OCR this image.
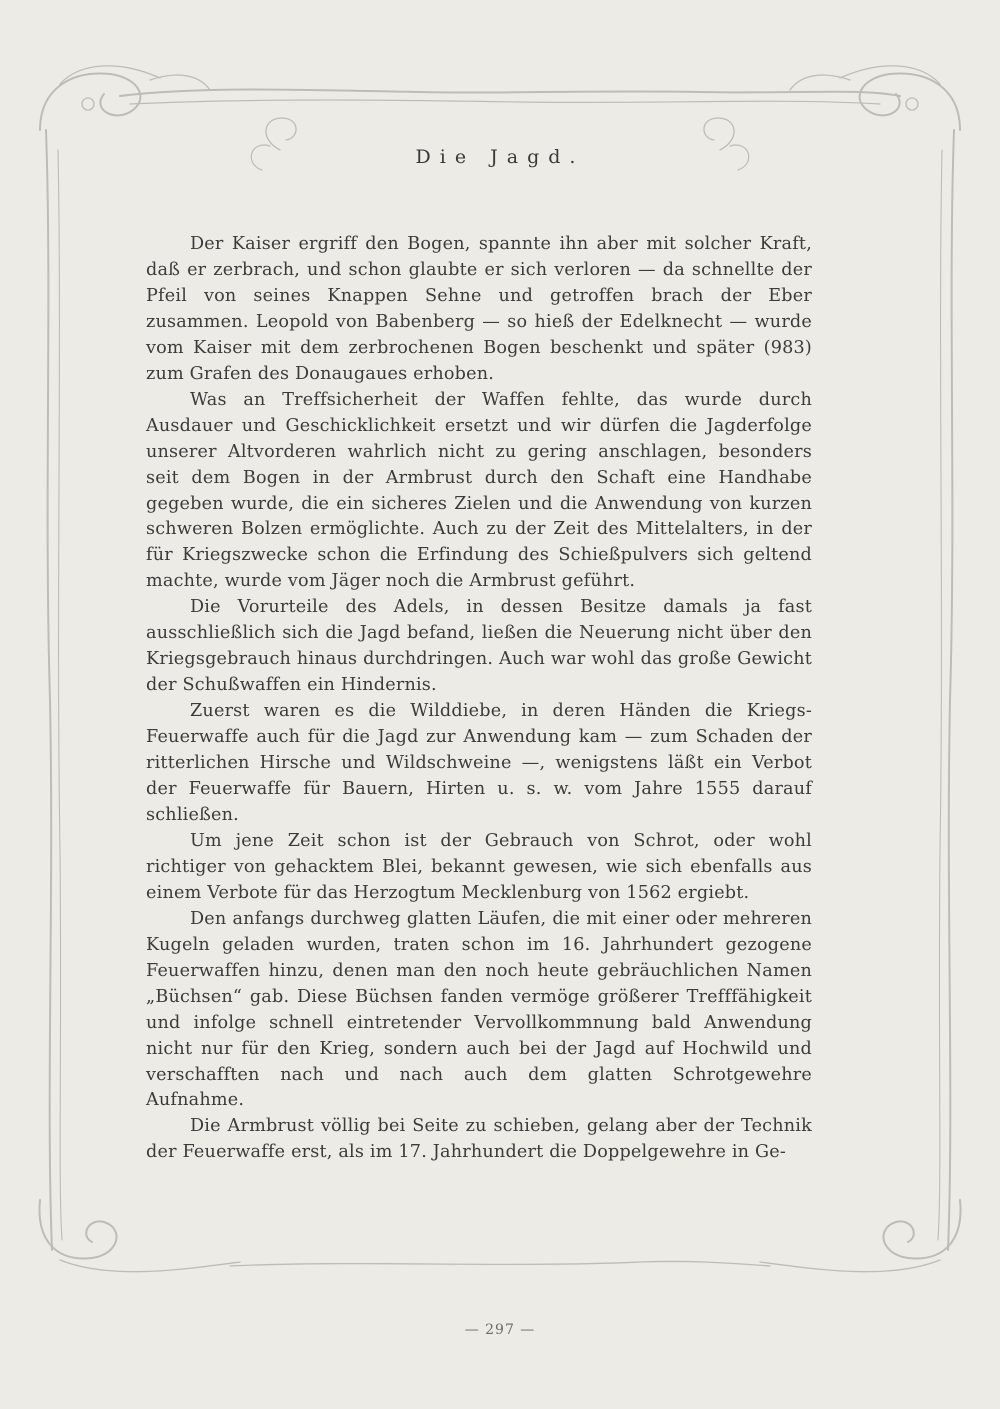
Die Jagd.

Der Kaiser ergriff den Bogen, spannte ihn aber mit solcher Kraft, daß er zerbrach, und schon glaubte er sich verloren — da schnellte der Pfeil von seines Knappen Sehne und getroffen brach der Eber zusammen. Leopold von Babenberg — so hieß der Edelknecht — wurde vom Kaiser mit dem zerbrochenen Bogen beschenkt und später (983) zum Grafen des Donaugaues erhoben.

Was an Treffsicherheit der Waffen fehlte, das wurde durch Ausdauer und Geschicklichkeit ersetzt und wir dürfen die Jagderfolge unserer Altvorderen wahrlich nicht zu gering anschlagen, besonders seit dem Bogen in der Armbrust durch den Schaft eine Handhabe gegeben wurde, die ein sicheres Zielen und die Anwendung von kurzen schweren Bolzen ermöglichte. Auch zu der Zeit des Mittelalters, in der für Kriegszwecke schon die Erfindung des Schießpulvers sich geltend machte, wurde vom Jäger noch die Armbrust geführt.

Die Vorurteile des Adels, in dessen Besitze damals ja fast ausschließlich sich die Jagd befand, ließen die Neuerung nicht über den Kriegsgebrauch hinaus durchdringen. Auch war wohl das große Gewicht der Schußwaffen ein Hindernis.

Zuerst waren es die Wilddiebe, in deren Händen die Kriegs-Feuerwaffe auch für die Jagd zur Anwendung kam — zum Schaden der ritterlichen Hirsche und Wildschweine —, wenigstens läßt ein Verbot der Feuerwaffe für Bauern, Hirten u. s. w. vom Jahre 1555 darauf schließen.

Um jene Zeit schon ist der Gebrauch von Schrot, oder wohl richtiger von gehacktem Blei, bekannt gewesen, wie sich ebenfalls aus einem Verbote für das Herzogtum Mecklenburg von 1562 ergiebt.

Den anfangs durchweg glatten Läufen, die mit einer oder mehreren Kugeln geladen wurden, traten schon im 16. Jahrhundert gezogene Feuerwaffen hinzu, denen man den noch heute gebräuchlichen Namen „Büchsen“ gab. Diese Büchsen fanden vermöge größerer Trefffähigkeit und infolge schnell eintretender Vervollkommnung bald Anwendung nicht nur für den Krieg, sondern auch bei der Jagd auf Hochwild und verschafften nach und nach auch dem glatten Schrotgewehre Aufnahme.

Die Armbrust völlig bei Seite zu schieben, gelang aber der Technik der Feuerwaffe erst, als im 17. Jahrhundert die Doppelgewehre in Ge-

— 297 —
